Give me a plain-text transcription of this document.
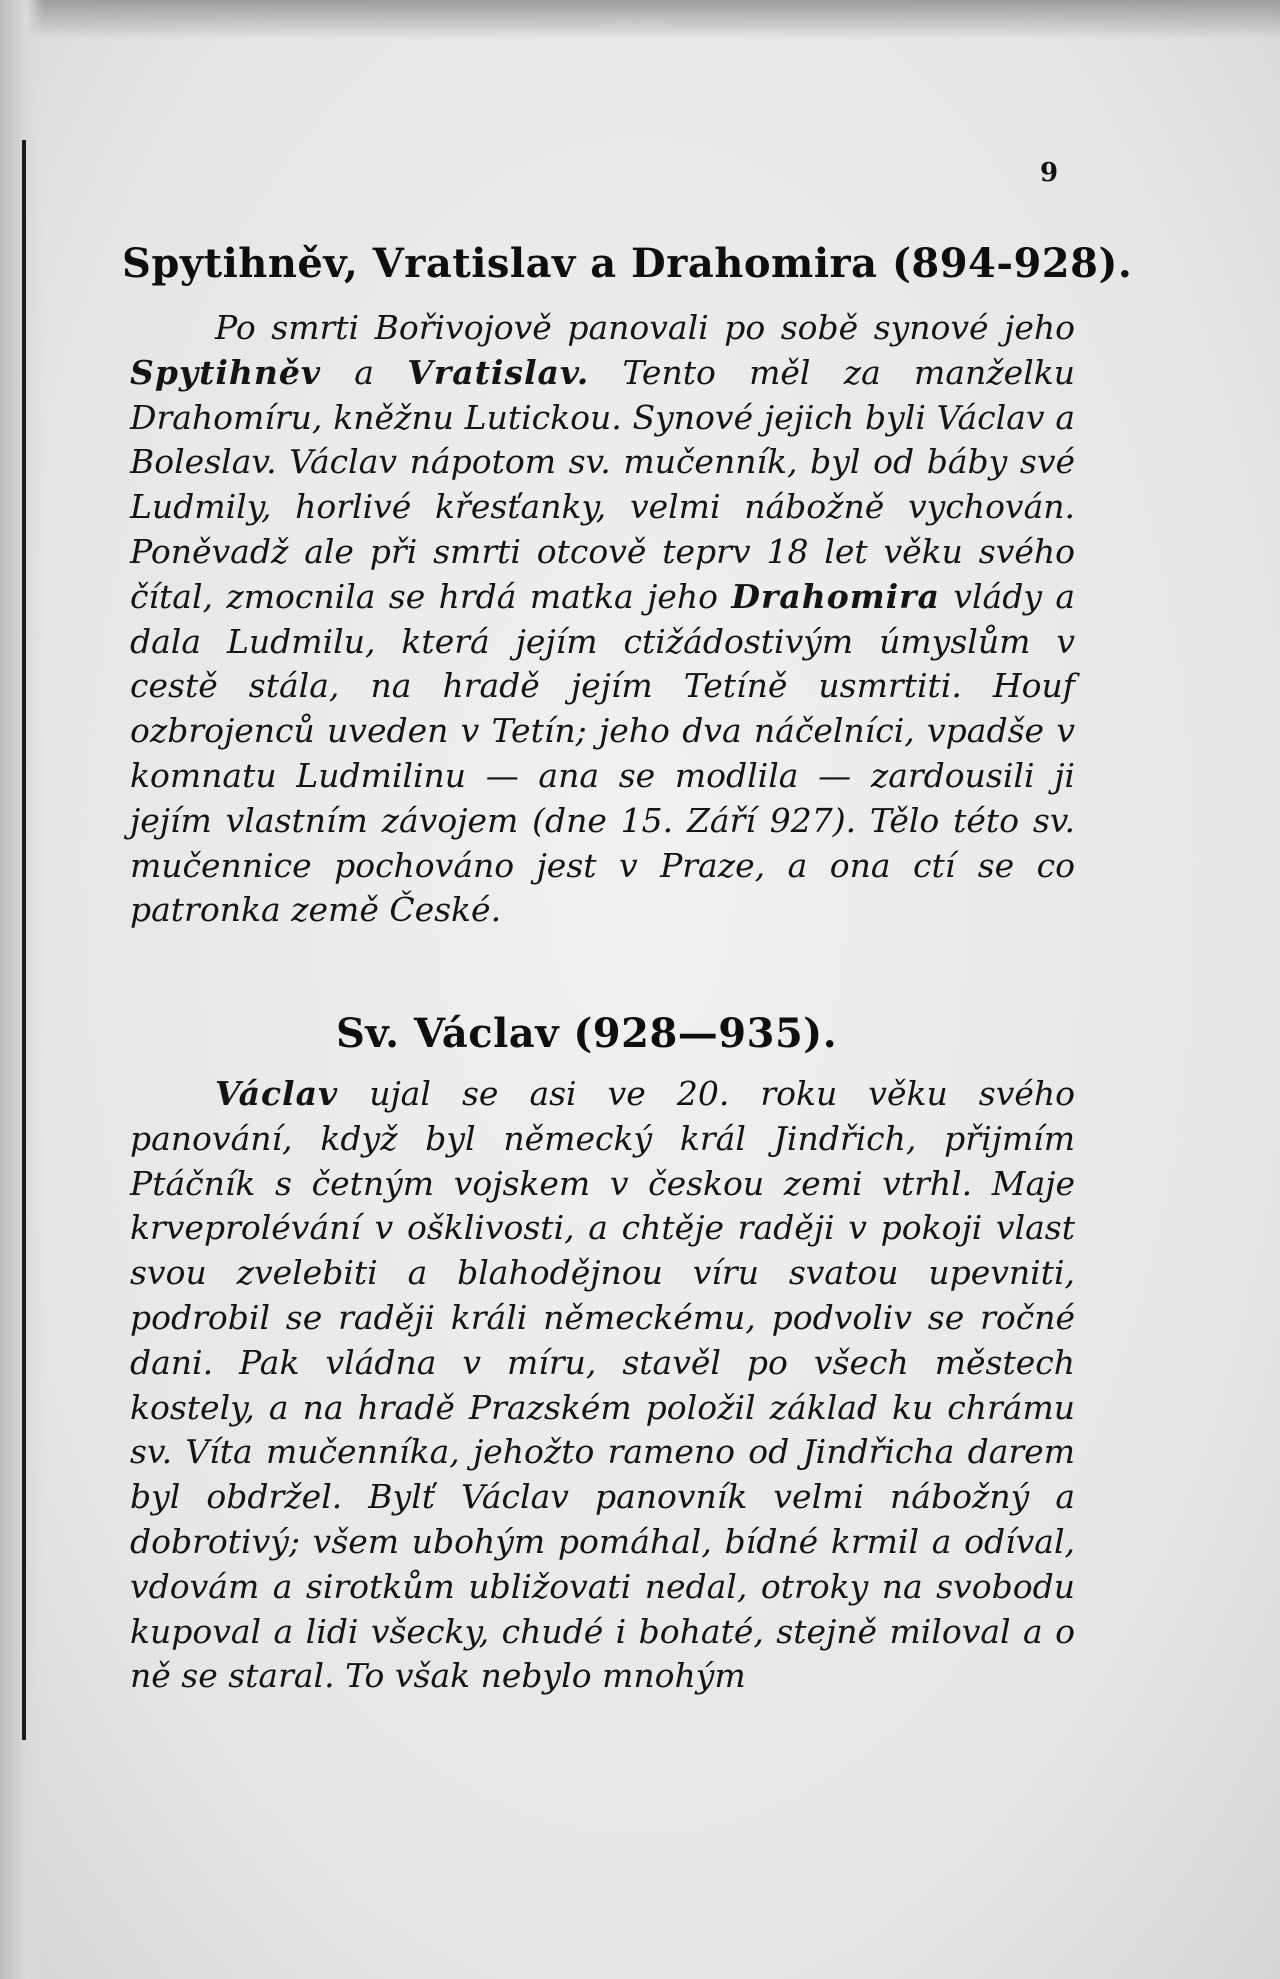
9
Spytihněv, Vratislav a Drahomira (894-928).
Po smrti Bořivojově panovali po sobě synové jeho Spytihněv a Vratislav. Tento měl za manželku Drahomíru, kněžnu Lutickou. Synové jejich byli Václav a Boleslav. Václav nápotom sv. mučenník, byl od báby své Ludmily, horlivé křesťanky, velmi nábožně vychován. Poněvadž ale při smrti otcově teprv 18 let věku svého čítal, zmocnila se hrdá matka jeho Drahomira vlády a dala Ludmilu, která jejím ctižádostivým úmyslům v cestě stála, na hradě jejím Tetíně usmrtiti. Houf ozbrojenců uveden v Tetín; jeho dva náčelníci, vpadše v komnatu Ludmilinu — ana se modlila — zardousili ji jejím vlastním závojem (dne 15. Září 927). Tělo této sv. mučennice pochováno jest v Praze, a ona ctí se co patronka země České.
Sv. Václav (928—935).
Václav ujal se asi ve 20. roku věku svého panování, když byl německý král Jindřich, přijmím Ptáčník s četným vojskem v českou zemi vtrhl. Maje krveprolévání v ošklivosti, a chtěje raději v pokoji vlast svou zvelebiti a blahodějnou víru svatou upevniti, podrobil se raději králi německému, podvoliv se ročné dani. Pak vládna v míru, stavěl po všech městech kostely, a na hradě Prazském položil základ ku chrámu sv. Víta mučenníka, jehožto rameno od Jindřicha darem byl obdržel. Bylť Václav panovník velmi nábožný a dobrotivý; všem ubohým pomáhal, bídné krmil a odíval, vdovám a sirotkům ubližovati nedal, otroky na svobodu kupoval a lidi všecky, chudé i bohaté, stejně miloval a o ně se staral. To však nebylo mnohým
